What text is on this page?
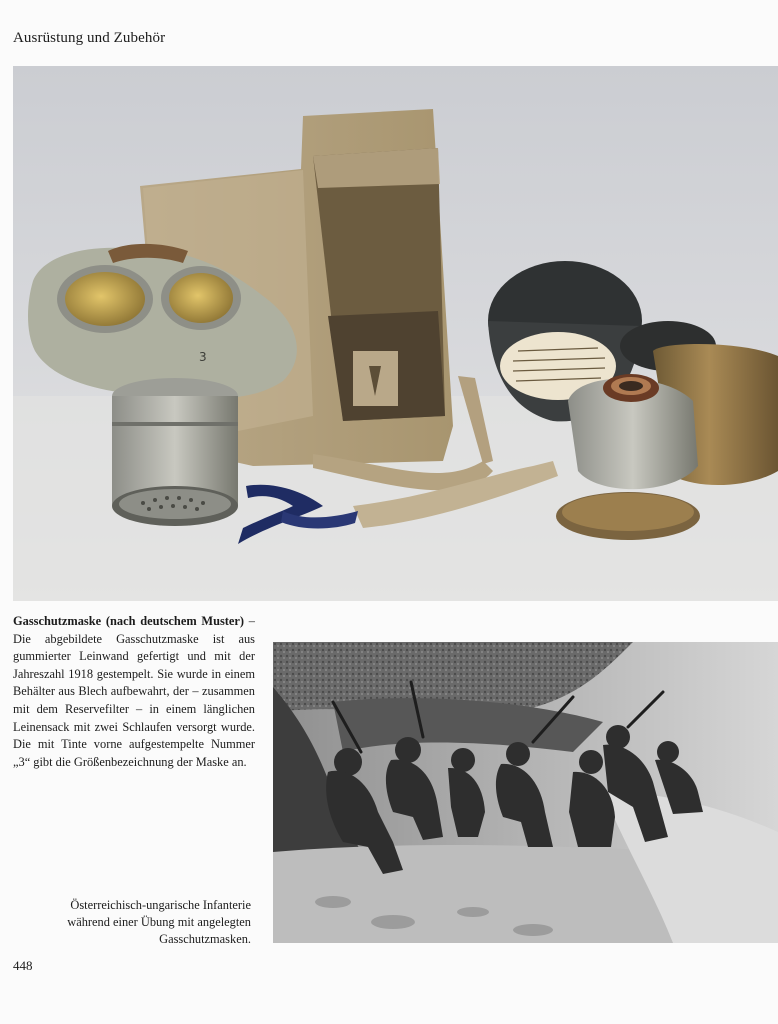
Ausrüstung und Zubehör
3
Gasschutzmaske (nach deutschem Muster) – Die abgebildete Gasschutzmaske ist aus gummierter Leinwand gefertigt und mit der Jahreszahl 1918 gestempelt. Sie wurde in einem Behälter aus Blech aufbewahrt, der – zusammen mit dem Reservefilter – in einem länglichen Leinensack mit zwei Schlaufen versorgt wurde. Die mit Tinte vorne aufgestempelte Nummer „3“ gibt die Größenbezeichnung der Maske an.
Österreichisch-ungarische Infanterie
während einer Übung mit angelegten
Gasschutzmasken.
448
